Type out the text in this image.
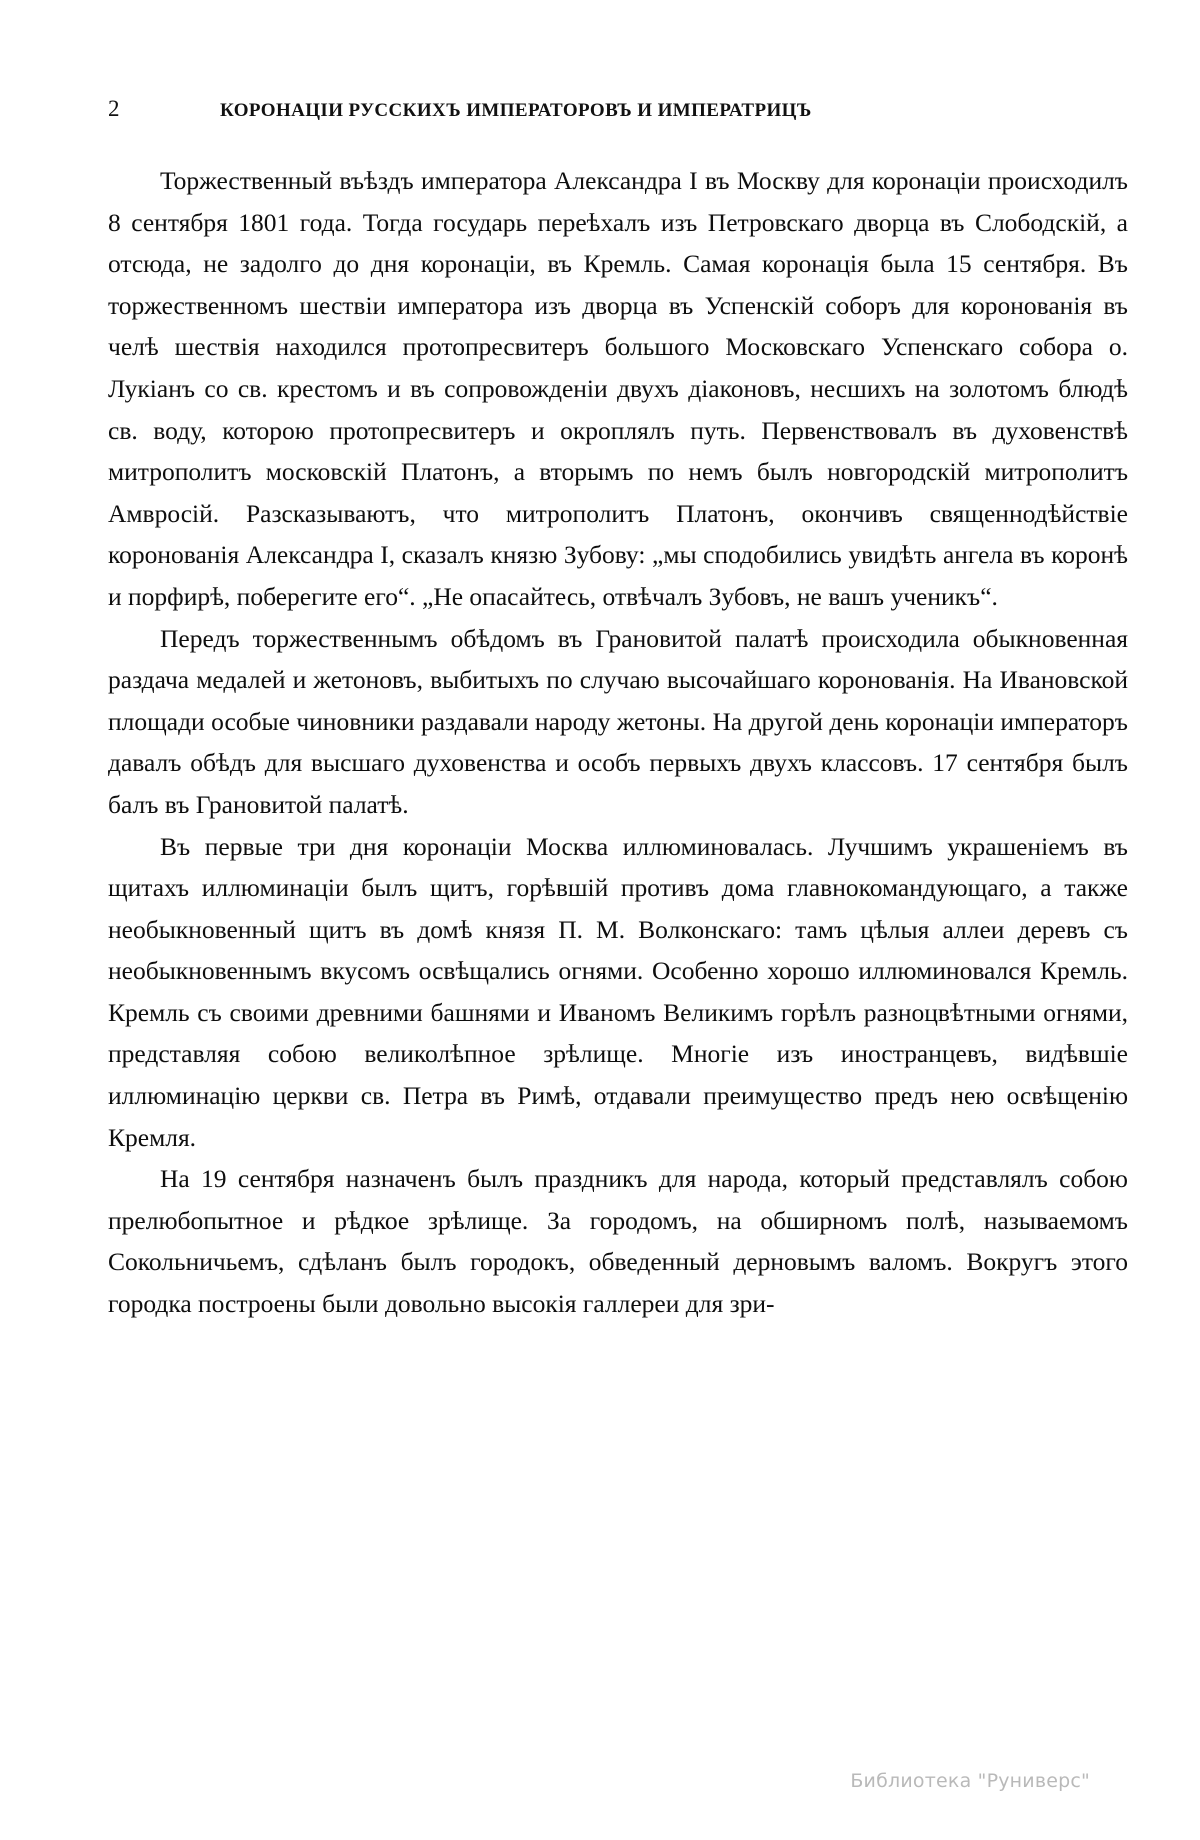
2	КОРОНАЦІИ РУССКИХЪ ИМПЕРАТОРОВЪ И ИМПЕРАТРИЦЪ

Торжественный въѣздъ императора Александра I въ Москву для коронаціи происходилъ 8 сентября 1801 года. Тогда государь переѣхалъ изъ Петровскаго дворца въ Слободскій, а отсюда, не задолго до дня коронаціи, въ Кремль. Самая коронація была 15 сентября. Въ торжественномъ шествіи императора изъ дворца въ Успенскій соборъ для коронованія въ челѣ шествія находился протопресвитеръ большого Московскаго Успенскаго собора о. Лукіанъ со св. крестомъ и въ сопровожденіи двухъ діаконовъ, несшихъ на золотомъ блюдѣ св. воду, которою протопресвитеръ и окроплялъ путь. Первенствовалъ въ духовенствѣ митрополитъ московскій Платонъ, а вторымъ по немъ былъ новгородскій митрополитъ Амвросій. Разсказываютъ, что митрополитъ Платонъ, окончивъ священнодѣйствіе коронованія Александра I, сказалъ князю Зубову: „мы сподобились увидѣть ангела въ коронѣ и порфирѣ, поберегите его“. „Не опасайтесь, отвѣчалъ Зубовъ, не вашъ ученикъ“.

Передъ торжественнымъ обѣдомъ въ Грановитой палатѣ происходила обыкновенная раздача медалей и жетоновъ, выбитыхъ по случаю высочайшаго коронованія. На Ивановской площади особые чиновники раздавали народу жетоны. На другой день коронаціи императоръ давалъ обѣдъ для высшаго духовенства и особъ первыхъ двухъ классовъ. 17 сентября былъ балъ въ Грановитой палатѣ.

Въ первые три дня коронаціи Москва иллюминовалась. Лучшимъ украшеніемъ въ щитахъ иллюминаціи былъ щитъ, горѣвшій противъ дома главнокомандующаго, а также необыкновенный щитъ въ домѣ князя П. М. Волконскаго: тамъ цѣлыя аллеи деревъ съ необыкновеннымъ вкусомъ освѣщались огнями. Особенно хорошо иллюминовался Кремль. Кремль съ своими древними башнями и Иваномъ Великимъ горѣлъ разноцвѣтными огнями, представляя собою великолѣпное зрѣлище. Многіе изъ иностранцевъ, видѣвшіе иллюминацію церкви св. Петра въ Римѣ, отдавали преимущество предъ нею освѣщенію Кремля.

На 19 сентября назначенъ былъ праздникъ для народа, который представлялъ собою прелюбопытное и рѣдкое зрѣлище. За городомъ, на обширномъ полѣ, называемомъ Сокольничьемъ, сдѣланъ былъ городокъ, обведенный дерновымъ валомъ. Вокругъ этого городка построены были довольно высокія галлереи для зри-

Библиотека "Руниверс"
